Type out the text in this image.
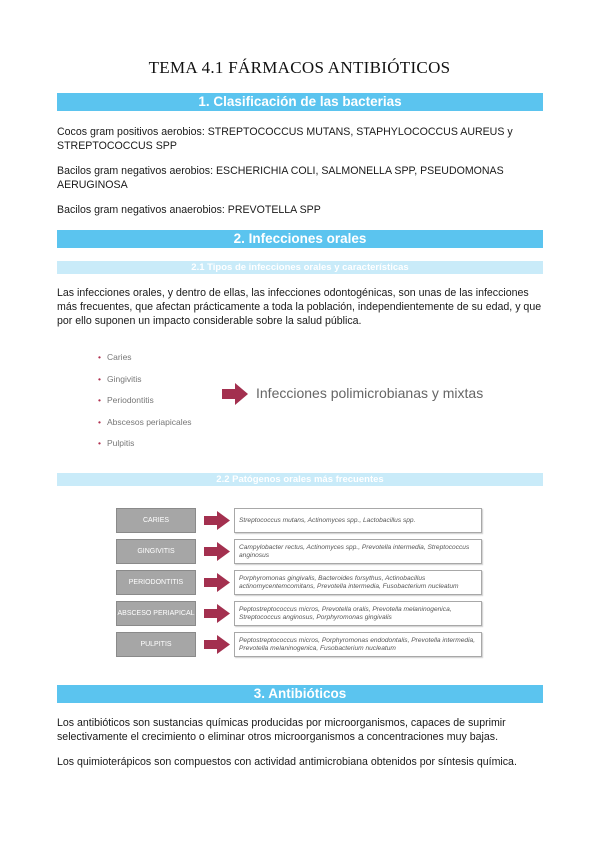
TEMA 4.1 FÁRMACOS ANTIBIÓTICOS
1. Clasificación de las bacterias
Cocos gram positivos aerobios: STREPTOCOCCUS MUTANS, STAPHYLOCOCCUS AUREUS y STREPTOCOCCUS SPP
Bacilos gram negativos aerobios: ESCHERICHIA COLI, SALMONELLA SPP, PSEUDOMONAS AERUGINOSA
Bacilos gram negativos anaerobios: PREVOTELLA SPP
2. Infecciones orales
2.1 Tipos de infecciones orales y características
Las infecciones orales, y dentro de ellas, las infecciones odontogénicas, son unas de las infecciones más frecuentes, que afectan prácticamente a toda la población, independientemente de su edad, y que por ello suponen un impacto considerable sobre la salud pública.
• Caries
• Gingivitis
• Periodontitis
• Abscesos periapicales
• Pulpitis
Infecciones polimicrobianas y mixtas
2.2 Patógenos orales más frecuentes
CARIES	Streptococcus mutans, Actinomyces spp., Lactobacillus spp.
GINGIVITIS
Campylobacter rectus, Actinomyces spp., Prevotella intermedia, Streptococcus anginosus
PERIODONTITIS
Porphyromonas gingivalis, Bacteroides forsythus, Actinobacillus actinomycentemcomitans, Prevotella intermedia, Fusobacterium nucleatum
ABSCESO PERIAPICAL
Peptostreptococcus micros, Prevotella oralis, Prevotella melaninogenica, Streptococcus anginosus, Porphyromonas gingivalis
PULPITIS
Peptostreptococcus micros, Porphyromonas endodontalis, Prevotella intermedia, Prevotella melaninogenica, Fusobacterium nucleatum
3. Antibióticos
Los antibióticos son sustancias químicas producidas por microorganismos, capaces de suprimir selectivamente el crecimiento o eliminar otros microorganismos a concentraciones muy bajas.
Los quimioterápicos son compuestos con actividad antimicrobiana obtenidos por síntesis química.
